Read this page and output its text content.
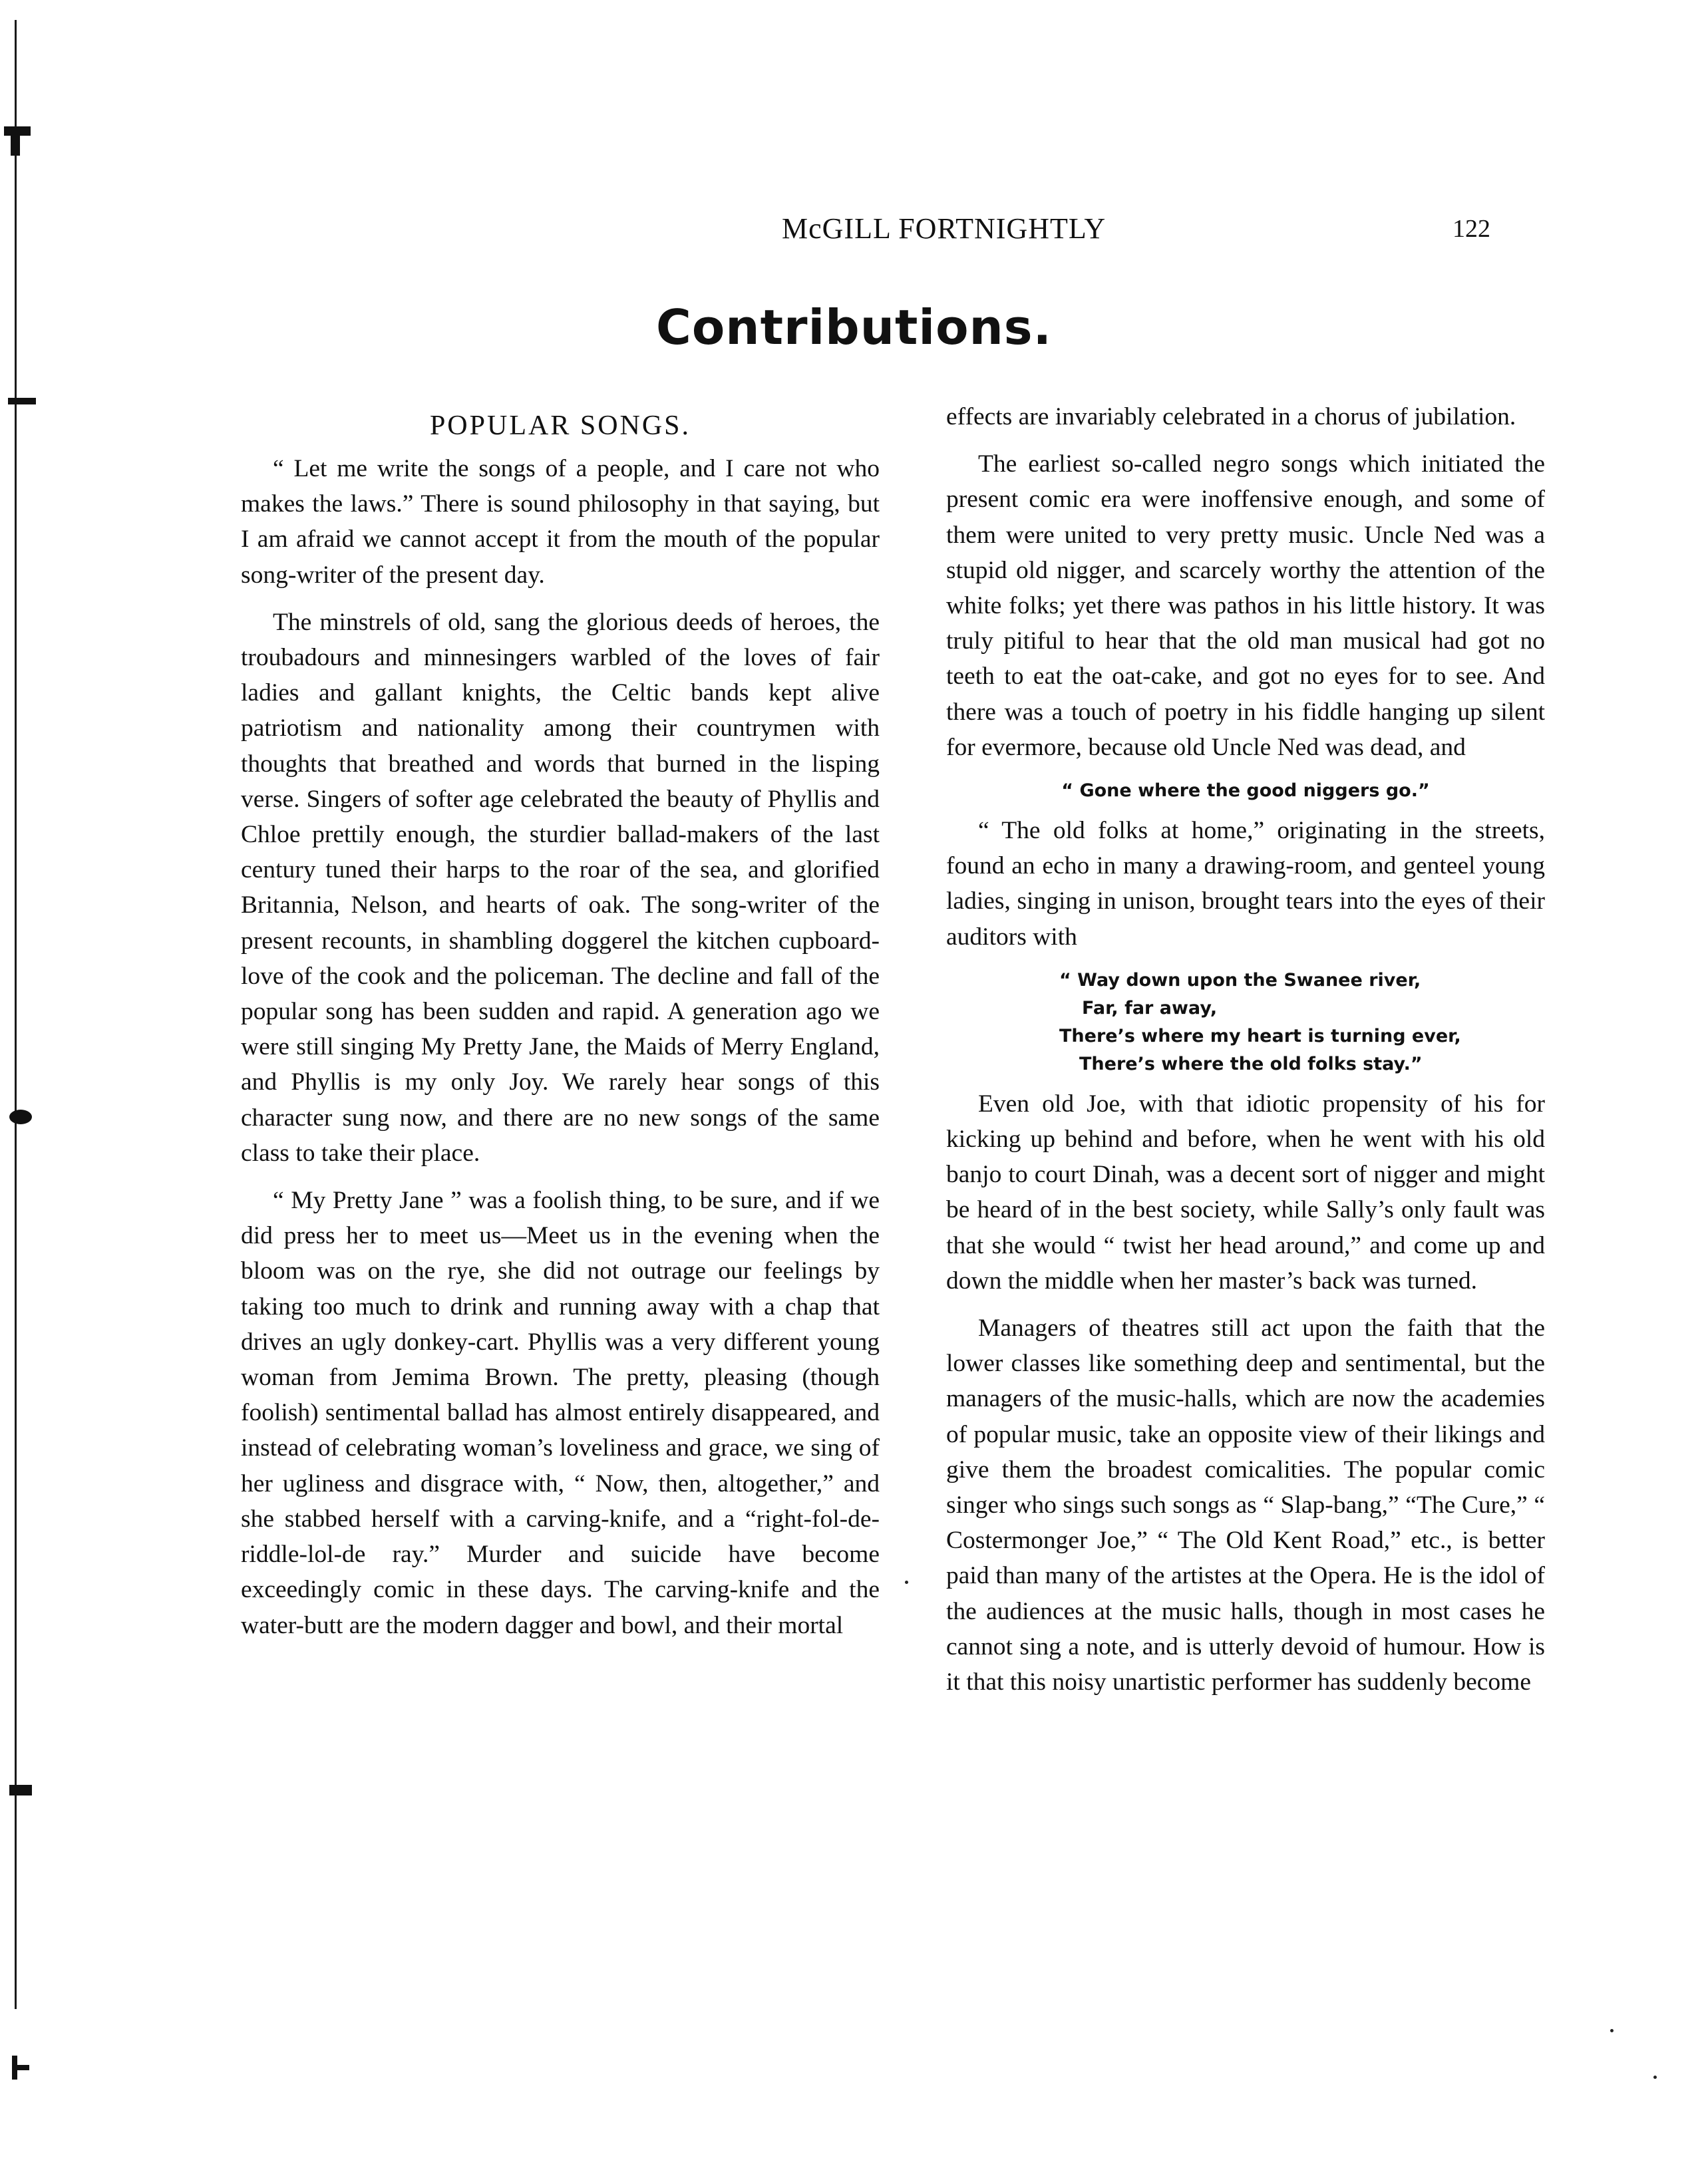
McGILL FORTNIGHTLY	122
Contributions.
POPULAR SONGS.

“ Let me write the songs of a people, and I care not who makes the laws.” There is sound philosophy in that saying, but I am afraid we cannot accept it from the mouth of the popular song-writer of the present day.

The minstrels of old, sang the glorious deeds of heroes, the troubadours and minnesingers warbled of the loves of fair ladies and gallant knights, the Celtic bands kept alive patriotism and nationality among their countrymen with thoughts that breathed and words that burned in the lisping verse. Singers of softer age celebrated the beauty of Phyllis and Chloe prettily enough, the sturdier ballad-makers of the last century tuned their harps to the roar of the sea, and glorified Britannia, Nelson, and hearts of oak. The song-writer of the present recounts, in shambling doggerel the kitchen cupboard-love of the cook and the policeman. The decline and fall of the popular song has been sudden and rapid. A generation ago we were still singing My Pretty Jane, the Maids of Merry England, and Phyllis is my only Joy. We rarely hear songs of this character sung now, and there are no new songs of the same class to take their place.

“ My Pretty Jane ” was a foolish thing, to be sure, and if we did press her to meet us—Meet us in the evening when the bloom was on the rye, she did not outrage our feelings by taking too much to drink and running away with a chap that drives an ugly donkey-cart. Phyllis was a very different young woman from Jemima Brown. The pretty, pleasing (though foolish) sentimental ballad has almost entirely disappeared, and instead of celebrating woman’s loveliness and grace, we sing of her ugliness and disgrace with, “ Now, then, altogether,” and she stabbed herself with a carving-knife, and a “right-fol-de-riddle-lol-de ray.” Murder and suicide have become exceedingly comic in these days. The carving-knife and the water-butt are the modern dagger and bowl, and their mortal

effects are invariably celebrated in a chorus of jubilation.

The earliest so-called negro songs which initiated the present comic era were inoffensive enough, and some of them were united to very pretty music. Uncle Ned was a stupid old nigger, and scarcely worthy the attention of the white folks; yet there was pathos in his little history. It was truly pitiful to hear that the old man musical had got no teeth to eat the oat-cake, and got no eyes for to see. And there was a touch of poetry in his fiddle hanging up silent for evermore, because old Uncle Ned was dead, and

“ Gone where the good niggers go.”

“ The old folks at home,” originating in the streets, found an echo in many a drawing-room, and genteel young ladies, singing in unison, brought tears into the eyes of their auditors with

“ Way down upon the Swanee river,
Far, far away,
There’s where my heart is turning ever,
There’s where the old folks stay.”

Even old Joe, with that idiotic propensity of his for kicking up behind and before, when he went with his old banjo to court Dinah, was a decent sort of nigger and might be heard of in the best society, while Sally’s only fault was that she would “ twist her head around,” and come up and down the middle when her master’s back was turned.

Managers of theatres still act upon the faith that the lower classes like something deep and sentimental, but the managers of the music-halls, which are now the academies of popular music, take an opposite view of their likings and give them the broadest comicalities. The popular comic singer who sings such songs as “ Slap-bang,” “The Cure,” “ Costermonger Joe,” “ The Old Kent Road,” etc., is better paid than many of the artistes at the Opera. He is the idol of the audiences at the music halls, though in most cases he cannot sing a note, and is utterly devoid of humour. How is it that this noisy unartistic performer has suddenly become
